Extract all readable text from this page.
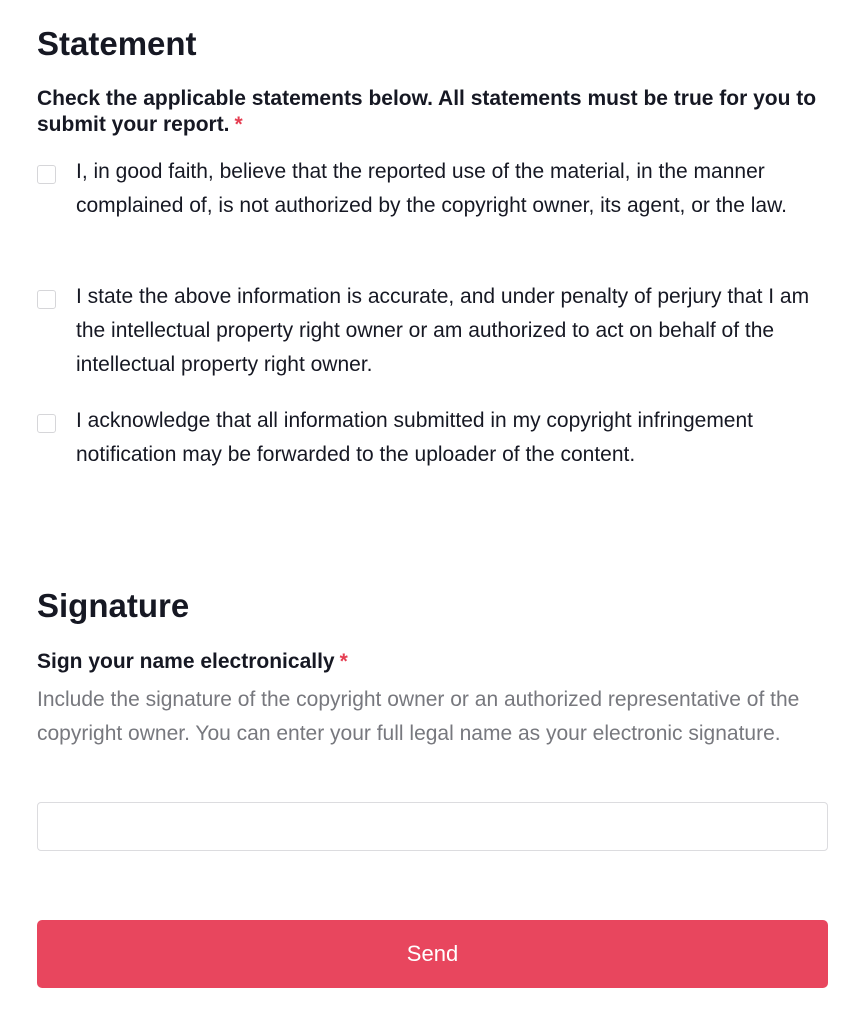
Statement

Check the applicable statements below. All statements must be true for you to submit your report. *

I, in good faith, believe that the reported use of the material, in the manner complained of, is not authorized by the copyright owner, its agent, or the law.
I state the above information is accurate, and under penalty of perjury that I am the intellectual property right owner or am authorized to act on behalf of the intellectual property right owner.
I acknowledge that all information submitted in my copyright infringement notification may be forwarded to the uploader of the content.
Signature

Sign your name electronically *

Include the signature of the copyright owner or an authorized representative of the copyright owner. You can enter your full legal name as your electronic signature.

Send
